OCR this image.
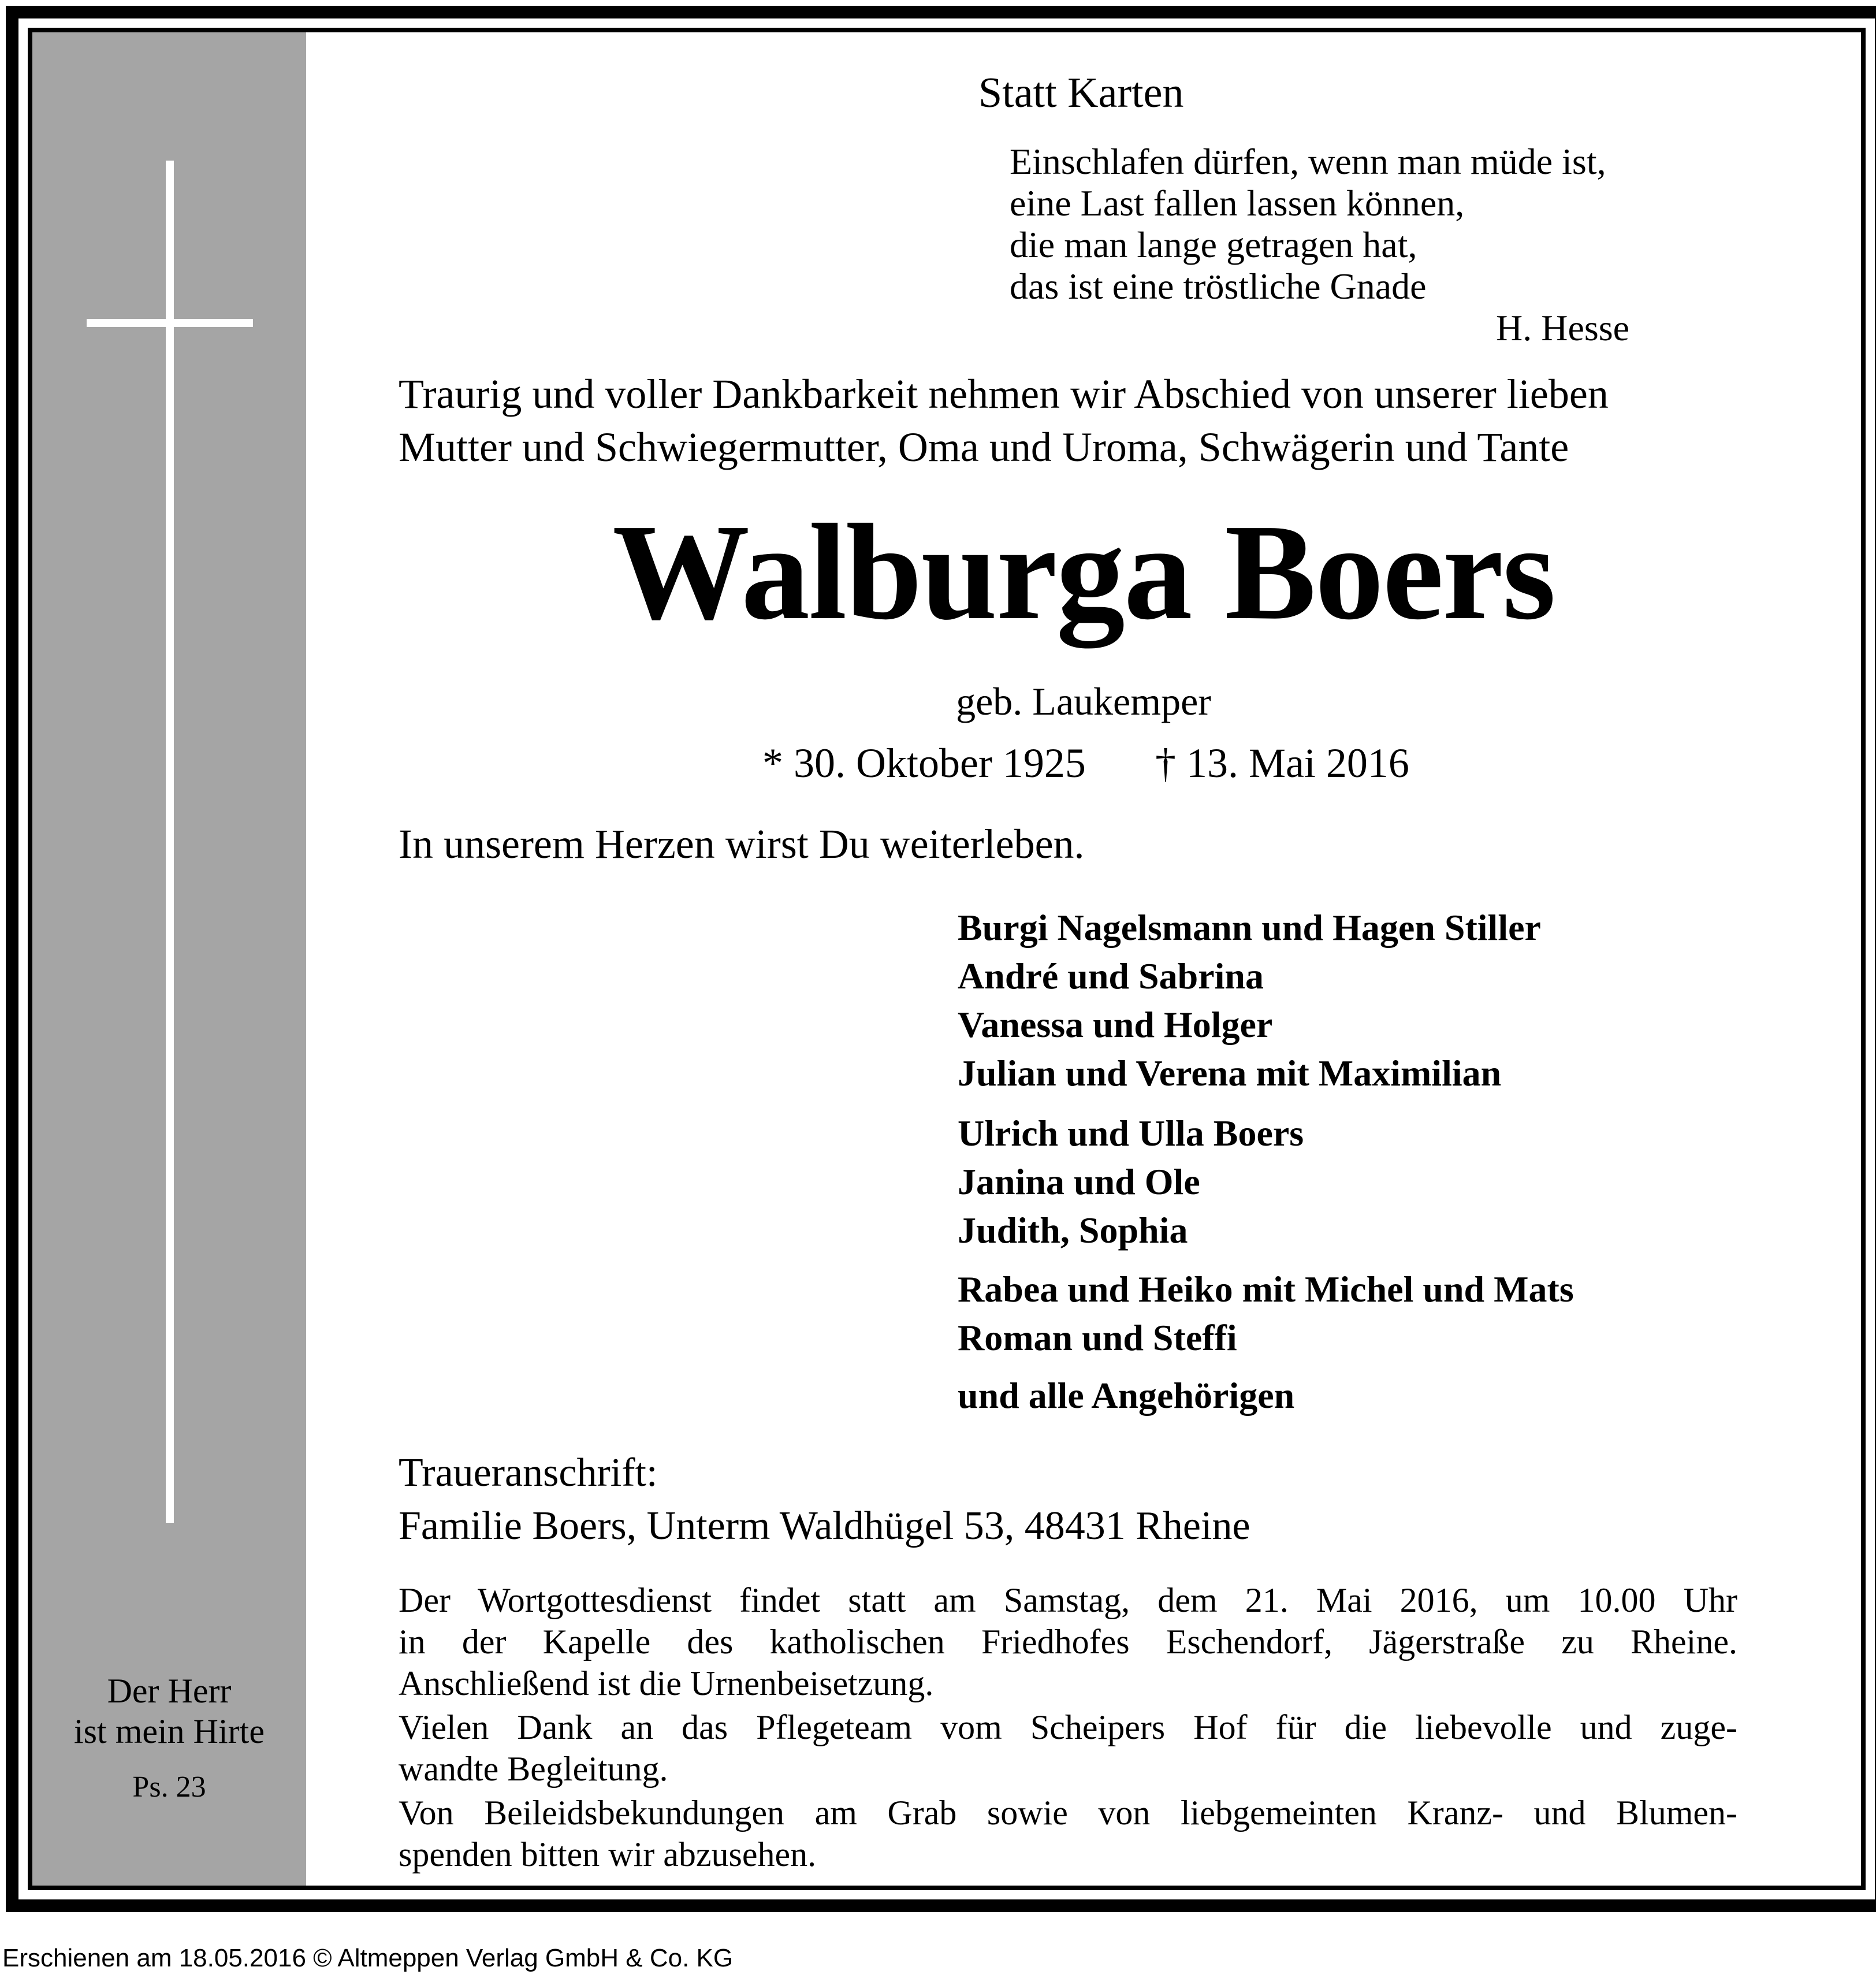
Der Herr
ist mein Hirte
Ps. 23
Statt Karten
Einschlafen dürfen, wenn man müde ist,
eine Last fallen lassen können,
die man lange getragen hat,
das ist eine tröstliche Gnade
H. Hesse
Traurig und voller Dankbarkeit nehmen wir Abschied von unserer lieben
Mutter und Schwiegermutter, Oma und Uroma, Schwägerin und Tante
Walburga Boers
geb. Laukemper
* 30. Oktober 1925 † 13. Mai 2016
In unserem Herzen wirst Du weiterleben.
Burgi Nagelsmann und Hagen Stiller
André und Sabrina
Vanessa und Holger
Julian und Verena mit Maximilian
Ulrich und Ulla Boers
Janina und Ole
Judith, Sophia
Rabea und Heiko mit Michel und Mats
Roman und Steffi
und alle Angehörigen
Traueranschrift:
Familie Boers, Unterm Waldhügel 53, 48431 Rheine
Der Wortgottesdienst findet statt am Samstag, dem 21. Mai 2016, um 10.00 Uhr
in der Kapelle des katholischen Friedhofes Eschendorf, Jägerstraße zu Rheine.
Anschließend ist die Urnenbeisetzung.
Vielen Dank an das Pflegeteam vom Scheipers Hof für die liebevolle und zuge-
wandte Begleitung.
Von Beileidsbekundungen am Grab sowie von liebgemeinten Kranz- und Blumen-
spenden bitten wir abzusehen.
Erschienen am 18.05.2016 © Altmeppen Verlag GmbH & Co. KG
